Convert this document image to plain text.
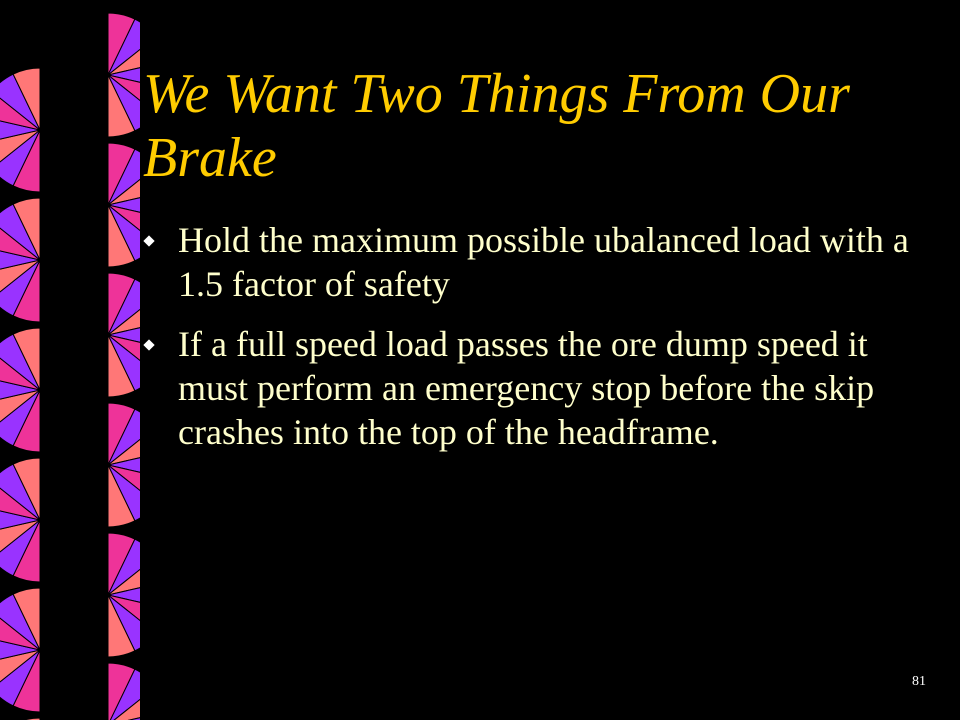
We Want Two Things From Our Brake
Hold the maximum possible ubalanced load with a 1.5 factor of safety
If a full speed load passes the ore dump speed it must perform an emergency stop before the skip crashes into the top of the headframe.
81
